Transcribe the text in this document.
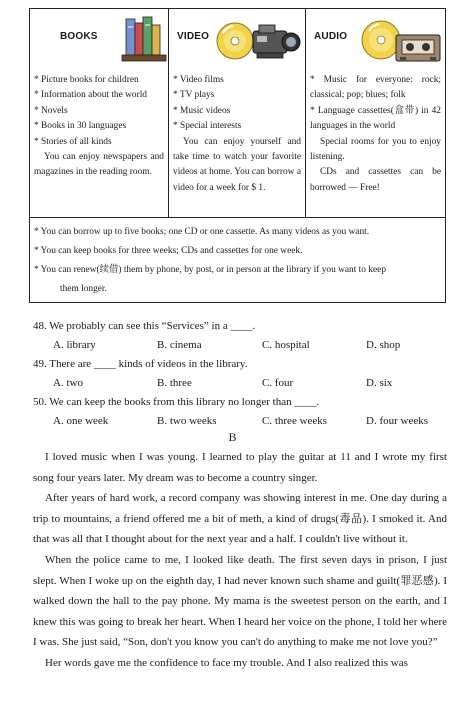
BOOKS
* Picture books for children
* Information about the world
* Novels
* Books in 30 languages
* Stories of all kinds

You can enjoy newspapers and magazines in the reading room.

VIDEO
* Video films
* TV plays
* Music videos
* Special interests

You can enjoy yourself and take time to watch your favorite videos at home. You can borrow a video for a week for $ 1.

AUDIO
* Music for everyone: rock; classical; pop; blues; folk
* Language cassettes(盒带) in 42 languages in the world

Special rooms for you to enjoy listening.

CDs and cassettes can be borrowed — Free!

* You can borrow up to five books; one CD or one cassette. As many videos as you want.
* You can keep books for three weeks; CDs and cassettes for one week.
* You can renew(续借) them by phone, by post, or in person at the library if you want to keep
them longer.
48. We probably can see this “Services” in a ____.
A. library	B. cinema	C. hospital	D. shop
49. There are ____ kinds of videos in the library.
A. two	B. three	C. four	D. six
50. We can keep the books from this library no longer than ____.
A. one week	B. two weeks	C. three weeks	D. four weeks
B

I loved music when I was young. I learned to play the guitar at 11 and I wrote my first song four years later. My dream was to become a country singer.

After years of hard work, a record company was showing interest in me. One day during a trip to mountains, a friend offered me a bit of meth, a kind of drugs(毒品). I smoked it. And that was all that I thought about for the next year and a half. I couldn't live without it.

When the police came to me, I looked like death. The first seven days in prison, I just slept. When I woke up on the eighth day, I had never known such shame and guilt(罪恶感). I walked down the hall to the pay phone. My mama is the sweetest person on the earth, and I knew this was going to break her heart. When I heard her voice on the phone, I told her where I was. She just said, “Son, don't you know you can't do anything to make me not love you?”

Her words gave me the confidence to face my trouble. And I also realized this was
